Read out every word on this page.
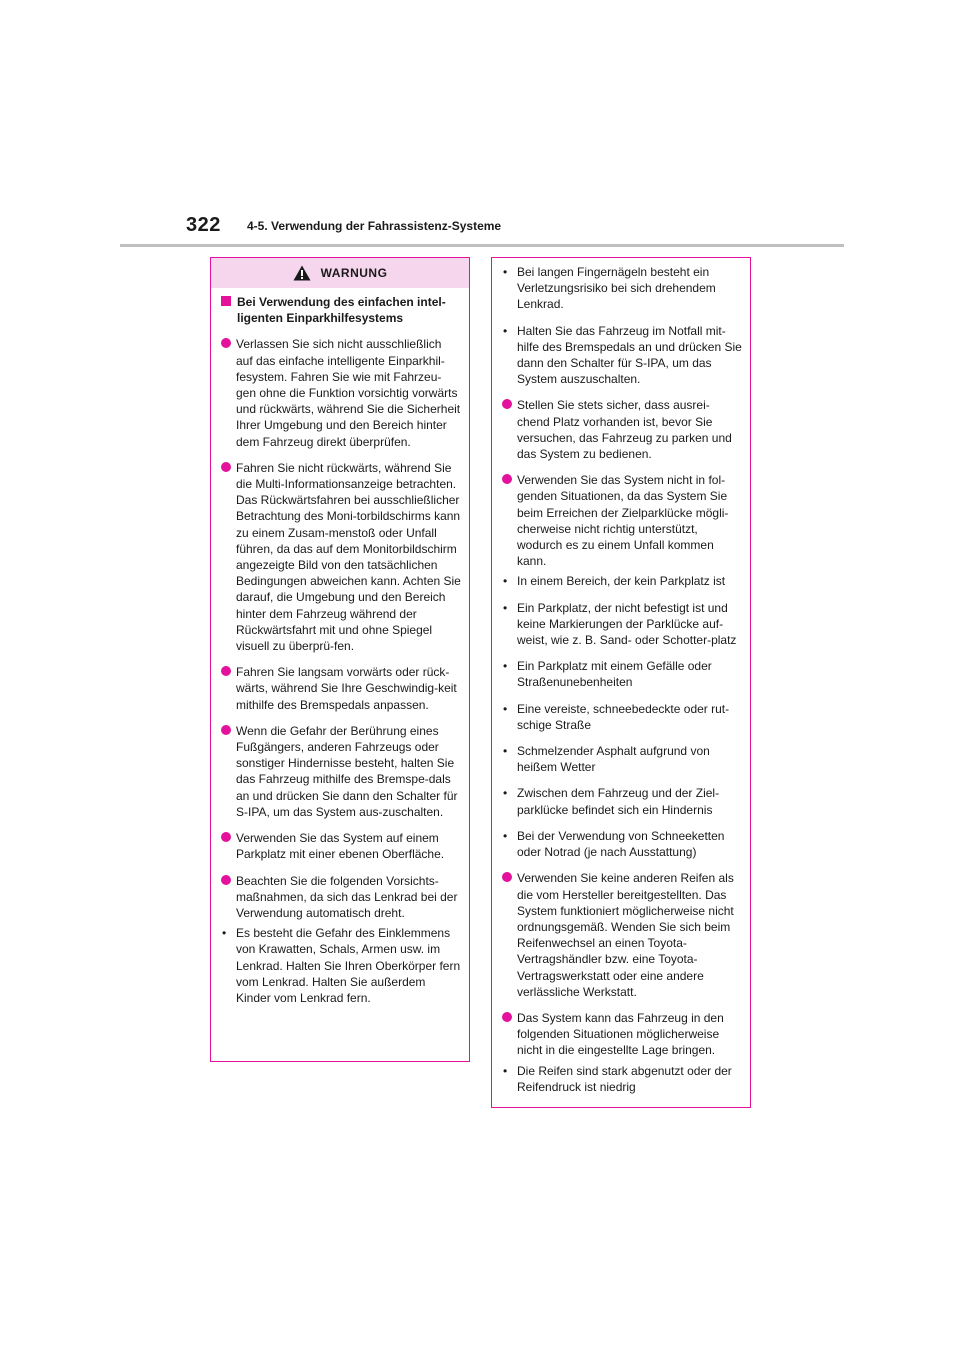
322 4-5. Verwendung der Fahrassistenz-Systeme
WARNUNG
Bei Verwendung des einfachen intel-ligenten Einparkhilfesystems
Verlassen Sie sich nicht ausschließlich auf das einfache intelligente Einparkhil-fesystem. Fahren Sie wie mit Fahrzeu-gen ohne die Funktion vorsichtig vorwärts und rückwärts, während Sie die Sicherheit Ihrer Umgebung und den Bereich hinter dem Fahrzeug direkt überprüfen.
Fahren Sie nicht rückwärts, während Sie die Multi-Informationsanzeige betrachten. Das Rückwärtsfahren bei ausschließlicher Betrachtung des Moni-torbildschirms kann zu einem Zusam-menstoß oder Unfall führen, da das auf dem Monitorbildschirm angezeigte Bild von den tatsächlichen Bedingungen abweichen kann. Achten Sie darauf, die Umgebung und den Bereich hinter dem Fahrzeug während der Rückwärtsfahrt mit und ohne Spiegel visuell zu überprü-fen.
Fahren Sie langsam vorwärts oder rück-wärts, während Sie Ihre Geschwindig-keit mithilfe des Bremspedals anpassen.
Wenn die Gefahr der Berührung eines Fußgängers, anderen Fahrzeugs oder sonstiger Hindernisse besteht, halten Sie das Fahrzeug mithilfe des Bremspe-dals an und drücken Sie dann den Schalter für S-IPA, um das System aus-zuschalten.
Verwenden Sie das System auf einem Parkplatz mit einer ebenen Oberfläche.
Beachten Sie die folgenden Vorsichts-maßnahmen, da sich das Lenkrad bei der Verwendung automatisch dreht.
• Es besteht die Gefahr des Einklemmens von Krawatten, Schals, Armen usw. im Lenkrad. Halten Sie Ihren Oberkörper fern vom Lenkrad. Halten Sie außerdem Kinder vom Lenkrad fern.
• Bei langen Fingernägeln besteht ein Verletzungsrisiko bei sich drehendem Lenkrad.
• Halten Sie das Fahrzeug im Notfall mit-hilfe des Bremspedals an und drücken Sie dann den Schalter für S-IPA, um das System auszuschalten.
Stellen Sie stets sicher, dass ausrei-chend Platz vorhanden ist, bevor Sie versuchen, das Fahrzeug zu parken und das System zu bedienen.
Verwenden Sie das System nicht in fol-genden Situationen, da das System Sie beim Erreichen der Zielparklücke mögli-cherweise nicht richtig unterstützt, wodurch es zu einem Unfall kommen kann.
• In einem Bereich, der kein Parkplatz ist
• Ein Parkplatz, der nicht befestigt ist und keine Markierungen der Parklücke auf-weist, wie z. B. Sand- oder Schotter-platz
• Ein Parkplatz mit einem Gefälle oder Straßenunebenheiten
• Eine vereiste, schneebedeckte oder rut-schige Straße
• Schmelzender Asphalt aufgrund von heißem Wetter
• Zwischen dem Fahrzeug und der Ziel-parklücke befindet sich ein Hindernis
• Bei der Verwendung von Schneeketten oder Notrad (je nach Ausstattung)
Verwenden Sie keine anderen Reifen als die vom Hersteller bereitgestellten. Das System funktioniert möglicherweise nicht ordnungsgemäß. Wenden Sie sich beim Reifenwechsel an einen Toyota-Vertragshändler bzw. eine Toyota-Vertragswerkstatt oder eine andere verlässliche Werkstatt.
Das System kann das Fahrzeug in den folgenden Situationen möglicherweise nicht in die eingestellte Lage bringen.
• Die Reifen sind stark abgenutzt oder der Reifendruck ist niedrig
